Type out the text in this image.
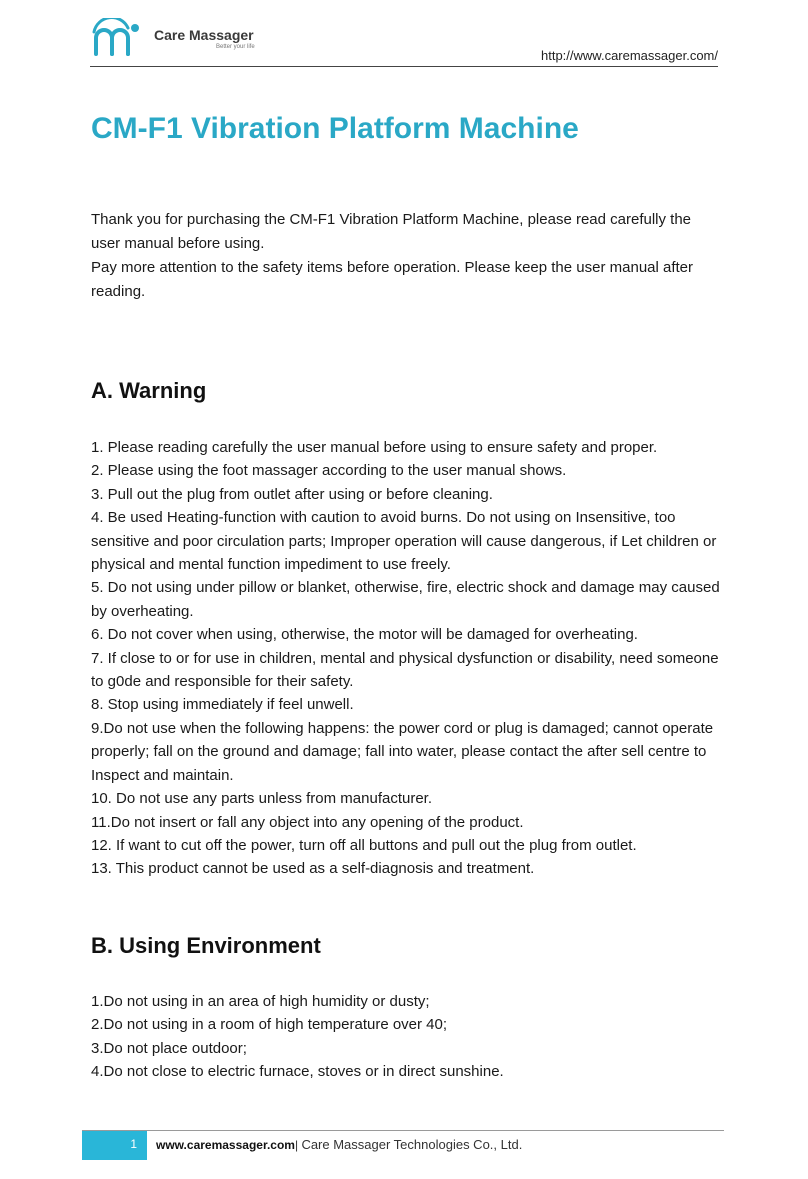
Care Massager
Better your life
http://www.caremassager.com/
CM-F1 Vibration Platform Machine

Thank you for purchasing the CM-F1 Vibration Platform Machine, please read carefully the user manual before using.

Pay more attention to the safety items before operation. Please keep the user manual after reading.

A. Warning
1. Please reading carefully the user manual before using to ensure safety and proper.
2. Please using the foot massager according to the user manual shows.
3. Pull out the plug from outlet after using or before cleaning.
4. Be used Heating-function with caution to avoid burns. Do not using on Insensitive, too sensitive and poor circulation parts; Improper operation will cause dangerous, if Let children or physical and mental function impediment to use freely.
5. Do not using under pillow or blanket, otherwise, fire, electric shock and damage may caused by overheating.
6. Do not cover when using, otherwise, the motor will be damaged for overheating.
7. If close to or for use in children, mental and physical dysfunction or disability, need someone to g0de and responsible for their safety.
8. Stop using immediately if feel unwell.
9.Do not use when the following happens: the power cord or plug is damaged; cannot operate properly; fall on the ground and damage; fall into water, please contact the after sell centre to Inspect and maintain.
10. Do not use any parts unless from manufacturer.
11.Do not insert or fall any object into any opening of the product.
12. If want to cut off the power, turn off all buttons and pull out the plug from outlet.
13. This product cannot be used as a self-diagnosis and treatment.
B. Using Environment
1.Do not using in an area of high humidity or dusty;
2.Do not using in a room of high temperature over 40;
3.Do not place outdoor;
4.Do not close to electric furnace, stoves or in direct sunshine.
1 www.caremassager.com| Care Massager Technologies Co., Ltd.
